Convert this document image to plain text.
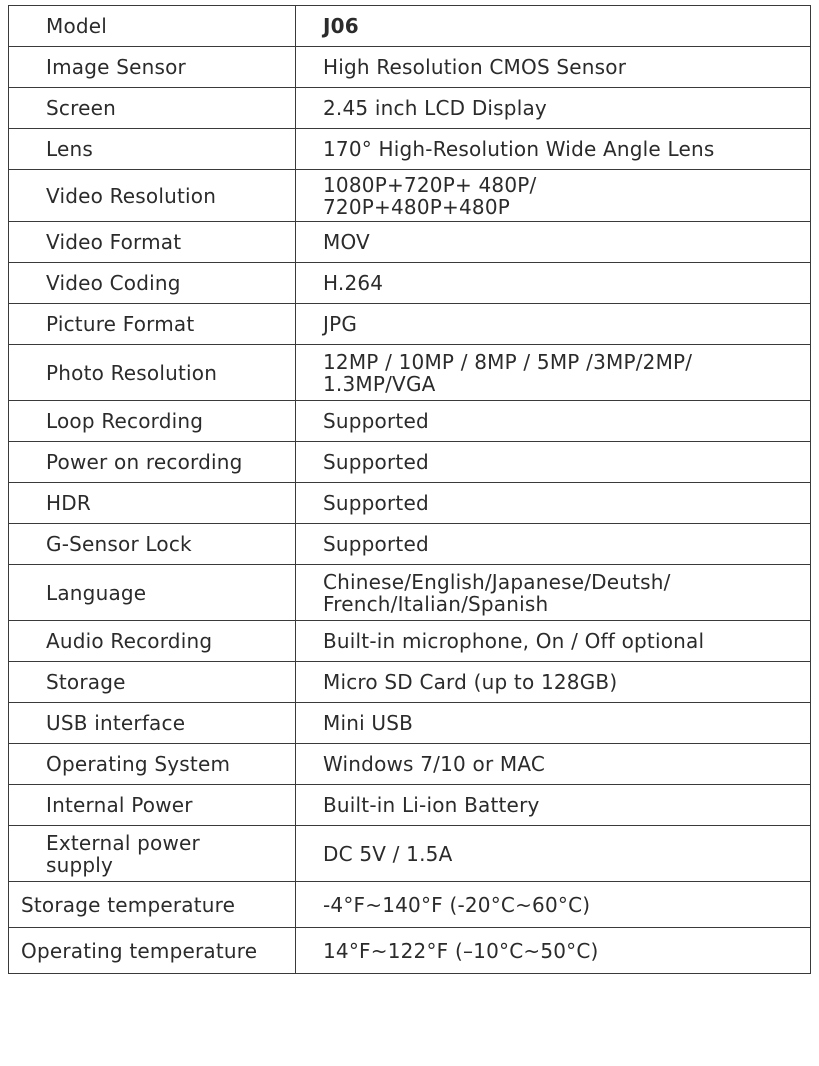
Model	J06
Image Sensor	High Resolution CMOS Sensor
Screen	2.45 inch LCD Display
Lens	170° High-Resolution Wide Angle Lens
Video Resolution	1080P+720P+ 480P/
720P+480P+480P
Video Format	MOV
Video Coding	H.264
Picture Format	JPG
Photo Resolution	12MP / 10MP / 8MP / 5MP /3MP/2MP/
1.3MP/VGA
Loop Recording	Supported
Power on recording	Supported
HDR	Supported
G-Sensor Lock	Supported
Language	Chinese/English/Japanese/Deutsh/
French/Italian/Spanish
Audio Recording	Built-in microphone, On / Off optional
Storage	Micro SD Card (up to 128GB)
USB interface	Mini USB
Operating System	Windows 7/10 or MAC
Internal Power	Built-in Li-ion Battery
External power
supply	DC 5V / 1.5A
Storage temperature	-4°F~140°F (-20°C~60°C)
Operating temperature	14°F~122°F (–10°C~50°C)
